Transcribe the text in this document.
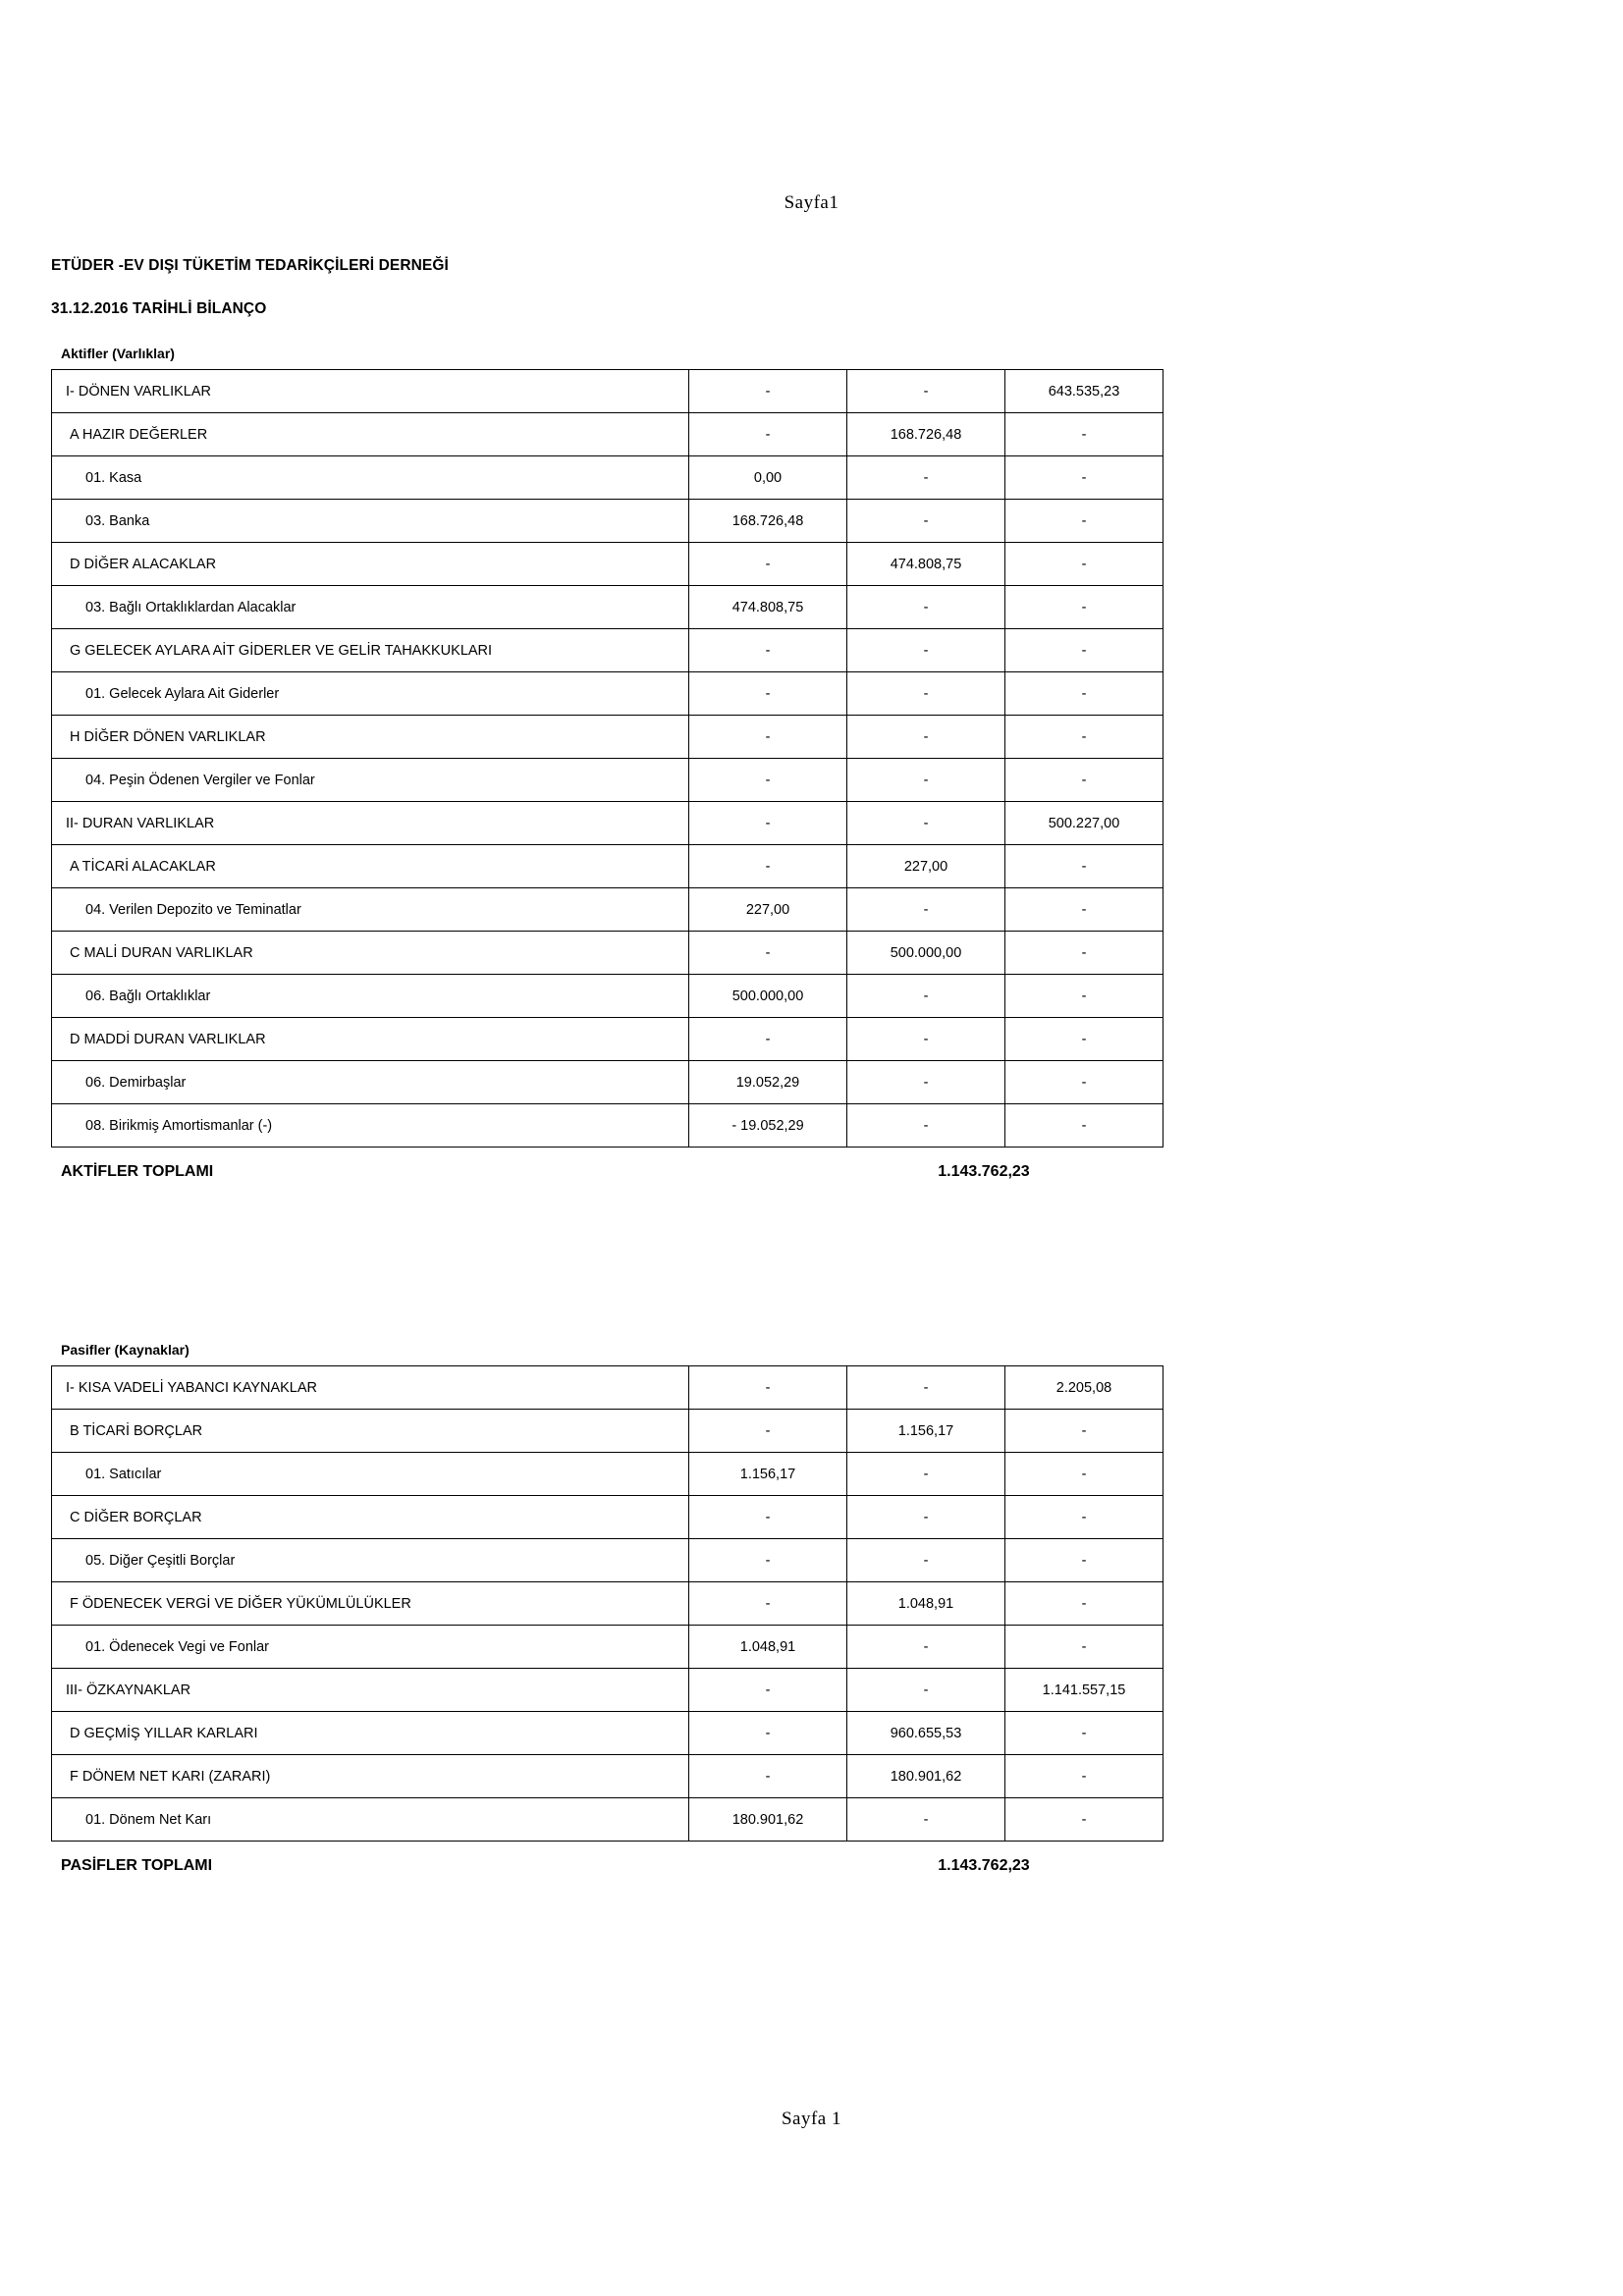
Sayfa1
ETÜDER -EV DIŞI TÜKETİM TEDARİKÇİLERİ DERNEĞİ
31.12.2016 TARİHLİ BİLANÇO
Aktifler (Varlıklar)
I- DÖNEN VARLIKLAR	-	-	643.535,23
A HAZIR DEĞERLER	-	168.726,48	-
01. Kasa	0,00	-	-
03. Banka	168.726,48	-	-
D DİĞER ALACAKLAR	-	474.808,75	-
03. Bağlı Ortaklıklardan Alacaklar	474.808,75	-	-
G GELECEK AYLARA AİT GİDERLER VE GELİR TAHAKKUKLARI	-	-	-
01. Gelecek Aylara Ait Giderler	-	-	-
H DİĞER DÖNEN VARLIKLAR	-	-	-
04. Peşin Ödenen Vergiler ve Fonlar	-	-	-
II- DURAN VARLIKLAR	-	-	500.227,00
A TİCARİ ALACAKLAR	-	227,00	-
04. Verilen Depozito ve Teminatlar	227,00	-	-
C MALİ DURAN VARLIKLAR	-	500.000,00	-
06. Bağlı Ortaklıklar	500.000,00	-	-
D MADDİ DURAN VARLIKLAR	-	-	-
06. Demirbaşlar	19.052,29	-	-
08. Birikmiş Amortismanlar (-)	- 19.052,29	-	-
AKTİFLER TOPLAMI	1.143.762,23
Pasifler (Kaynaklar)
I- KISA VADELİ YABANCI KAYNAKLAR	-	-	2.205,08
B TİCARİ BORÇLAR	-	1.156,17	-
01. Satıcılar	1.156,17	-	-
C DİĞER BORÇLAR	-	-	-
05. Diğer Çeşitli Borçlar	-	-	-
F ÖDENECEK VERGİ VE DİĞER YÜKÜMLÜLÜKLER	-	1.048,91	-
01. Ödenecek Vegi ve Fonlar	1.048,91	-	-
III- ÖZKAYNAKLAR	-	-	1.141.557,15
D GEÇMİŞ YILLAR KARLARI	-	960.655,53	-
F DÖNEM NET KARI (ZARARI)	-	180.901,62	-
01. Dönem Net Karı	180.901,62	-	-
PASİFLER TOPLAMI	1.143.762,23
Sayfa 1
